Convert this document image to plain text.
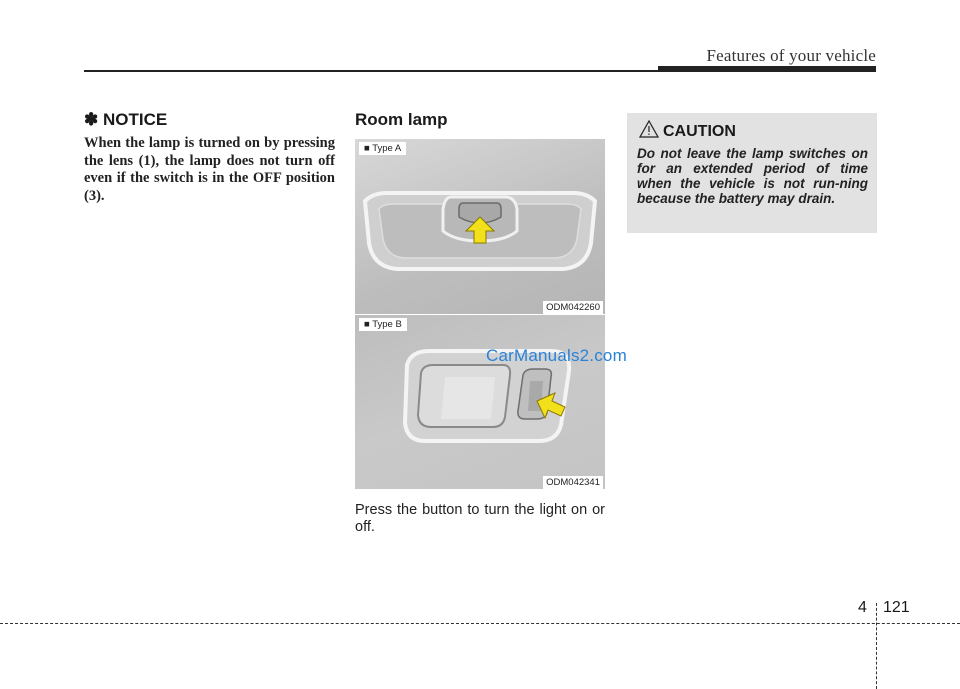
Features of your vehicle
✽ NOTICE
When the lamp is turned on by pressing the lens (1), the lamp does not turn off even if the switch is in the OFF position (3).
Room lamp
■ Type A
ODM042260
■ Type B
ODM042341
CarManuals2.com
Press the button to turn the light on or off.
CAUTION
Do not leave the lamp switches on for an extended period of time when the vehicle is not run-ning because the battery may drain.
4 121
